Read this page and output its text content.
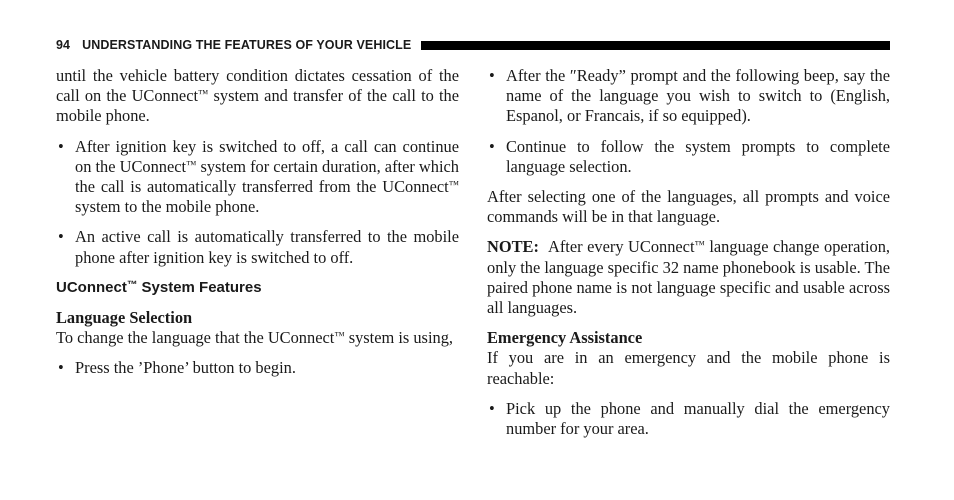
94 UNDERSTANDING THE FEATURES OF YOUR VEHICLE

until the vehicle battery condition dictates cessation of the call on the UConnect™ system and transfer of the call to the mobile phone.

• After ignition key is switched to off, a call can continue on the UConnect™ system for certain duration, after which the call is automatically transferred from the UConnect™ system to the mobile phone.

• An active call is automatically transferred to the mobile phone after ignition key is switched to off.

UConnect™ System Features

Language Selection

To change the language that the UConnect™ system is using,

• Press the ’Phone’ button to begin.

• After the ″Ready” prompt and the following beep, say the name of the language you wish to switch to (English, Espanol, or Francais, if so equipped).

• Continue to follow the system prompts to complete language selection.

After selecting one of the languages, all prompts and voice commands will be in that language.

NOTE: After every UConnect™ language change operation, only the language specific 32 name phonebook is usable. The paired phone name is not language specific and usable across all languages.

Emergency Assistance

If you are in an emergency and the mobile phone is reachable:

• Pick up the phone and manually dial the emergency number for your area.
